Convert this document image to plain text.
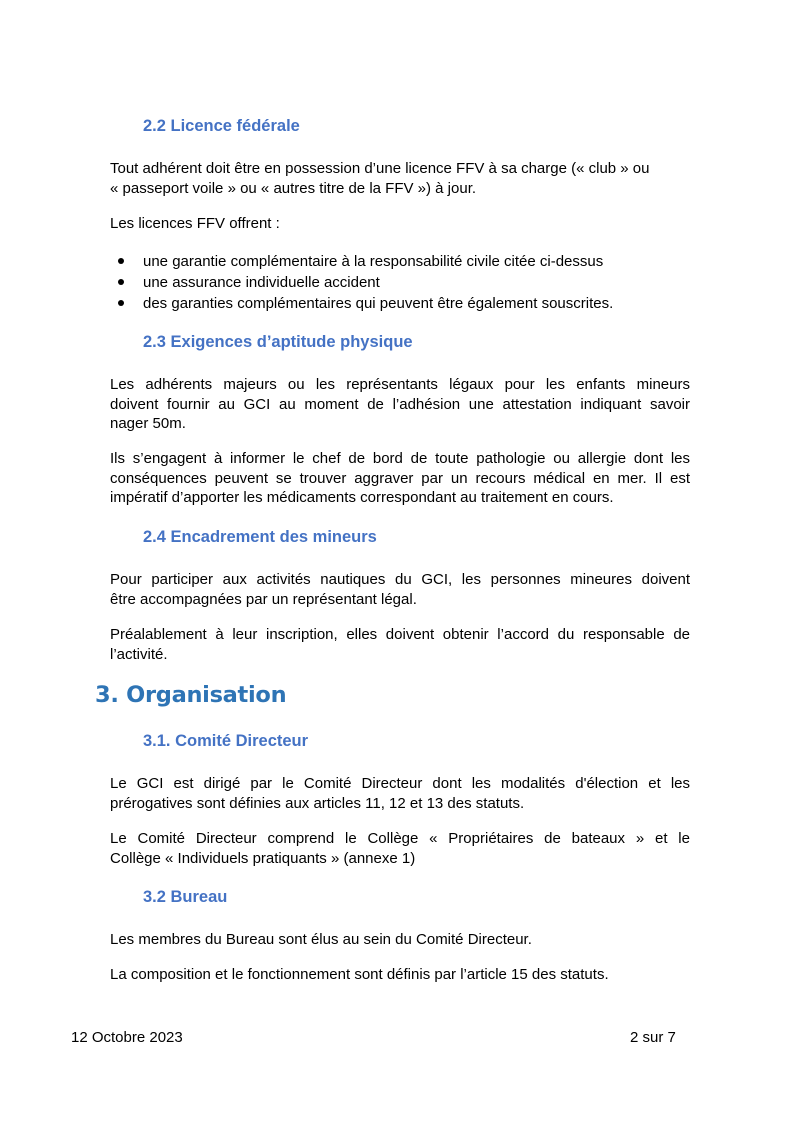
2.2 Licence fédérale
Tout adhérent doit être en possession d’une licence FFV à sa charge (« club » ou
« passeport voile » ou « autres titre de la FFV ») à jour.

Les licences FFV offrent :

une garantie complémentaire à la responsabilité civile citée ci-dessus
une assurance individuelle accident
des garanties complémentaires qui peuvent être également souscrites.
2.3 Exigences d’aptitude physique
Les adhérents majeurs ou les représentants légaux pour les enfants mineurs
doivent fournir au GCI au moment de l’adhésion une attestation indiquant savoir
nager 50m.
Ils s’engagent à informer le chef de bord de toute pathologie ou allergie dont les
conséquences peuvent se trouver aggraver par un recours médical en mer. Il est
impératif d’apporter les médicaments correspondant au traitement en cours.
2.4 Encadrement des mineurs
Pour participer aux activités nautiques du GCI, les personnes mineures doivent
être accompagnées par un représentant légal.
Préalablement à leur inscription, elles doivent obtenir l’accord du responsable de
l’activité.
3. Organisation
3.1. Comité Directeur
Le GCI est dirigé par le Comité Directeur dont les modalités d'élection et les
prérogatives sont définies aux articles 11, 12 et 13 des statuts.
Le Comité Directeur comprend le Collège « Propriétaires de bateaux » et le
Collège « Individuels pratiquants » (annexe 1)
3.2 Bureau

Les membres du Bureau sont élus au sein du Comité Directeur.

La composition et le fonctionnement sont définis par l’article 15 des statuts.

12 Octobre 2023	2 sur 7
